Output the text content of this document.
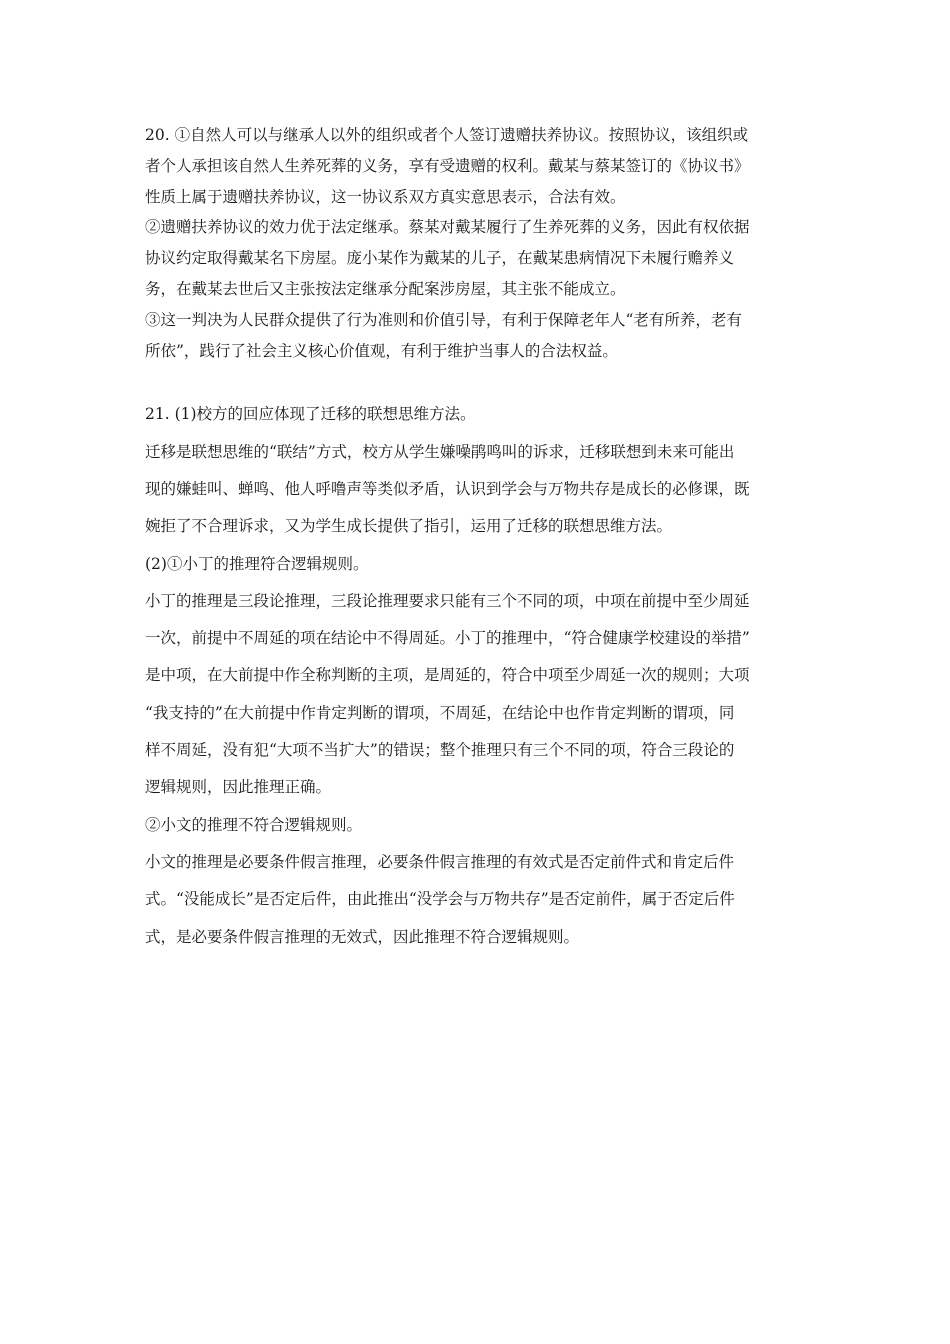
20. ①自然人可以与继承人以外的组织或者个人签订遗赠扶养协议。按照协议，该组织或
者个人承担该自然人生养死葬的义务，享有受遗赠的权利。戴某与蔡某签订的《协议书》
性质上属于遗赠扶养协议，这一协议系双方真实意思表示，合法有效。
②遗赠扶养协议的效力优于法定继承。蔡某对戴某履行了生养死葬的义务，因此有权依据
协议约定取得戴某名下房屋。庞小某作为戴某的儿子，在戴某患病情况下未履行赡养义
务，在戴某去世后又主张按法定继承分配案涉房屋，其主张不能成立。
③这一判决为人民群众提供了行为准则和价值引导，有利于保障老年人“老有所养，老有
所依”，践行了社会主义核心价值观，有利于维护当事人的合法权益。
21. (1)校方的回应体现了迁移的联想思维方法。
迁移是联想思维的“联结”方式，校方从学生嫌噪鹃鸣叫的诉求，迁移联想到未来可能出
现的嫌蛙叫、蝉鸣、他人呼噜声等类似矛盾，认识到学会与万物共存是成长的必修课，既
婉拒了不合理诉求，又为学生成长提供了指引，运用了迁移的联想思维方法。
(2)①小丁的推理符合逻辑规则。
小丁的推理是三段论推理，三段论推理要求只能有三个不同的项，中项在前提中至少周延
一次，前提中不周延的项在结论中不得周延。小丁的推理中，“符合健康学校建设的举措”
是中项，在大前提中作全称判断的主项，是周延的，符合中项至少周延一次的规则；大项
“我支持的”在大前提中作肯定判断的谓项，不周延，在结论中也作肯定判断的谓项，同
样不周延，没有犯“大项不当扩大”的错误；整个推理只有三个不同的项，符合三段论的
逻辑规则，因此推理正确。
②小文的推理不符合逻辑规则。
小文的推理是必要条件假言推理，必要条件假言推理的有效式是否定前件式和肯定后件
式。“没能成长”是否定后件，由此推出“没学会与万物共存”是否定前件，属于否定后件
式，是必要条件假言推理的无效式，因此推理不符合逻辑规则。
